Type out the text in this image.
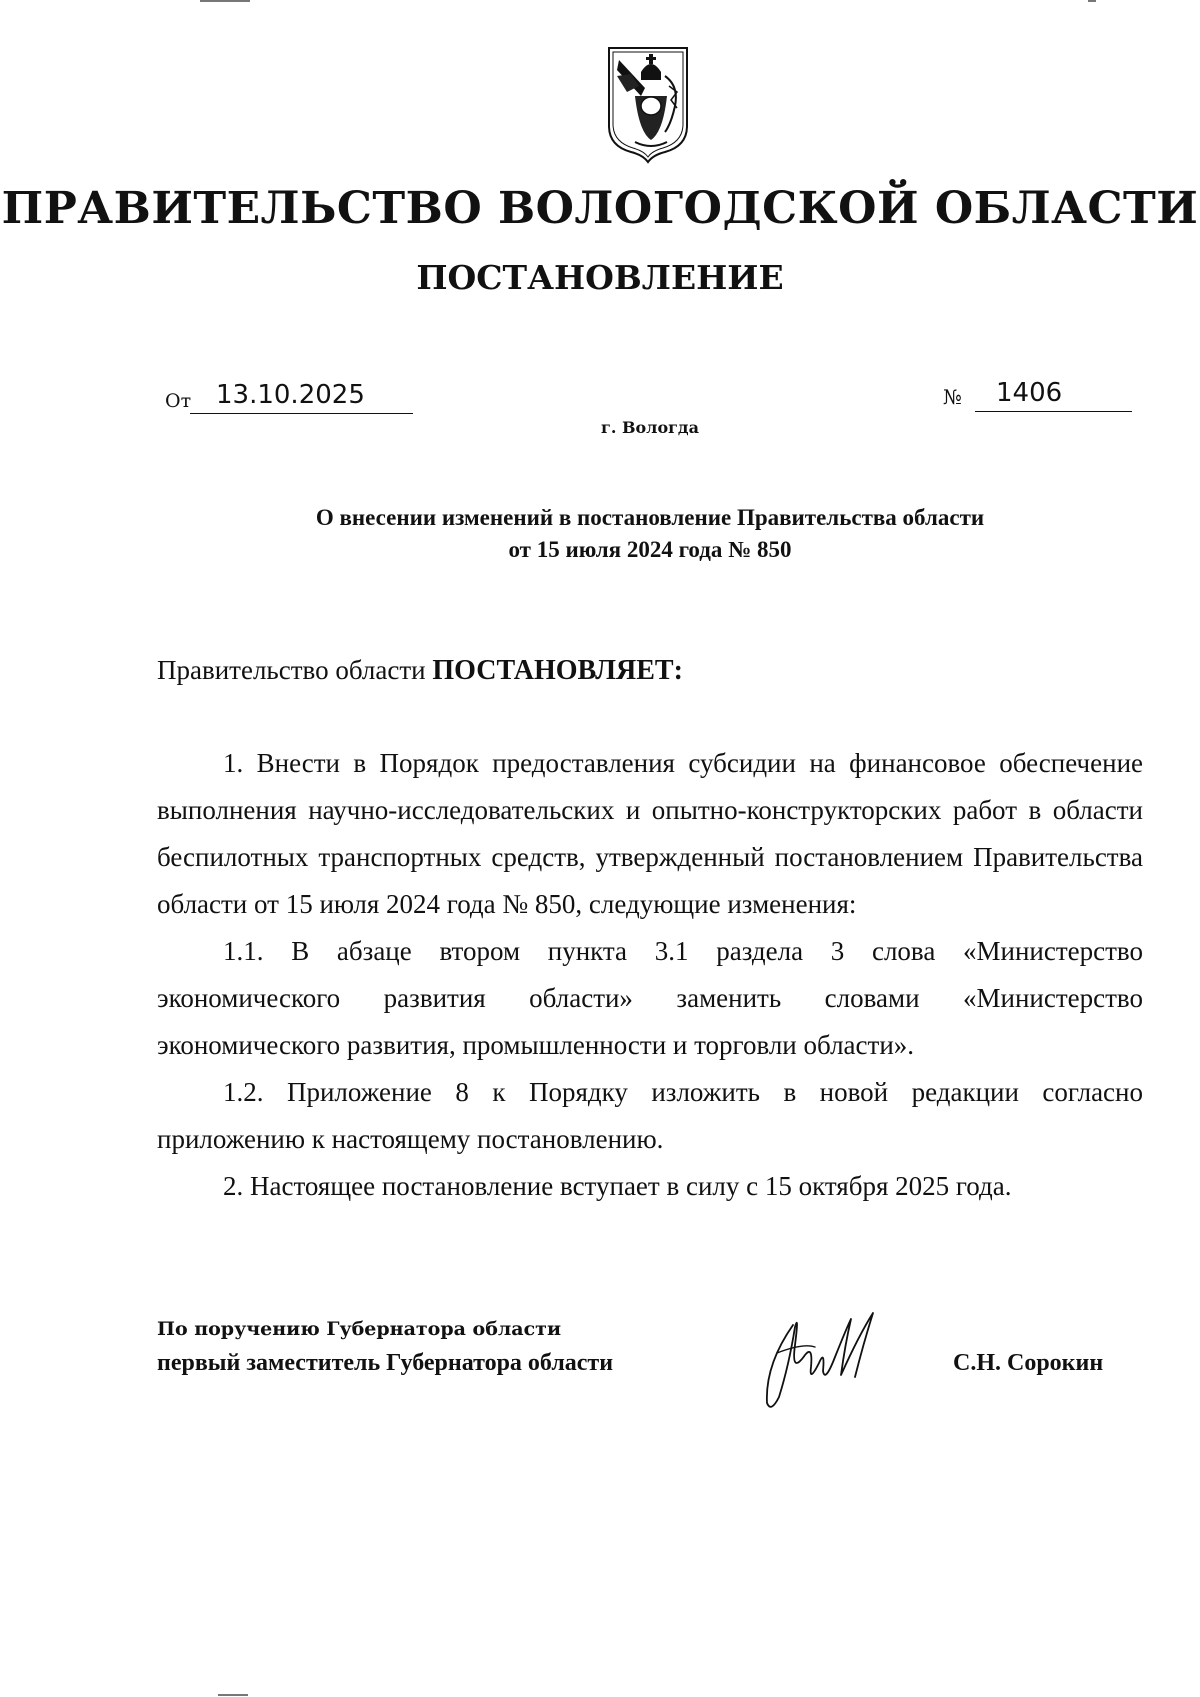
ПРАВИТЕЛЬСТВО ВОЛОГОДСКОЙ ОБЛАСТИ
ПОСТАНОВЛЕНИЕ
От 13.10.2025	№ 1406
г. Вологда
О внесении изменений в постановление Правительства области
от 15 июля 2024 года № 850
Правительство области ПОСТАНОВЛЯЕТ:
1. Внести в Порядок предоставления субсидии на финансовое обеспечение выполнения научно-исследовательских и опытно-конструкторских работ в области беспилотных транспортных средств, утвержденный постановлением Правительства области от 15 июля 2024 года № 850, следующие изменения:
1.1. В абзаце втором пункта 3.1 раздела 3 слова «Министерство экономического развития области» заменить словами «Министерство экономического развития, промышленности и торговли области».
1.2. Приложение 8 к Порядку изложить в новой редакции согласно приложению к настоящему постановлению.
2. Настоящее постановление вступает в силу с 15 октября 2025 года.
По поручению Губернатора области
первый заместитель Губернатора области	С.Н. Сорокин
